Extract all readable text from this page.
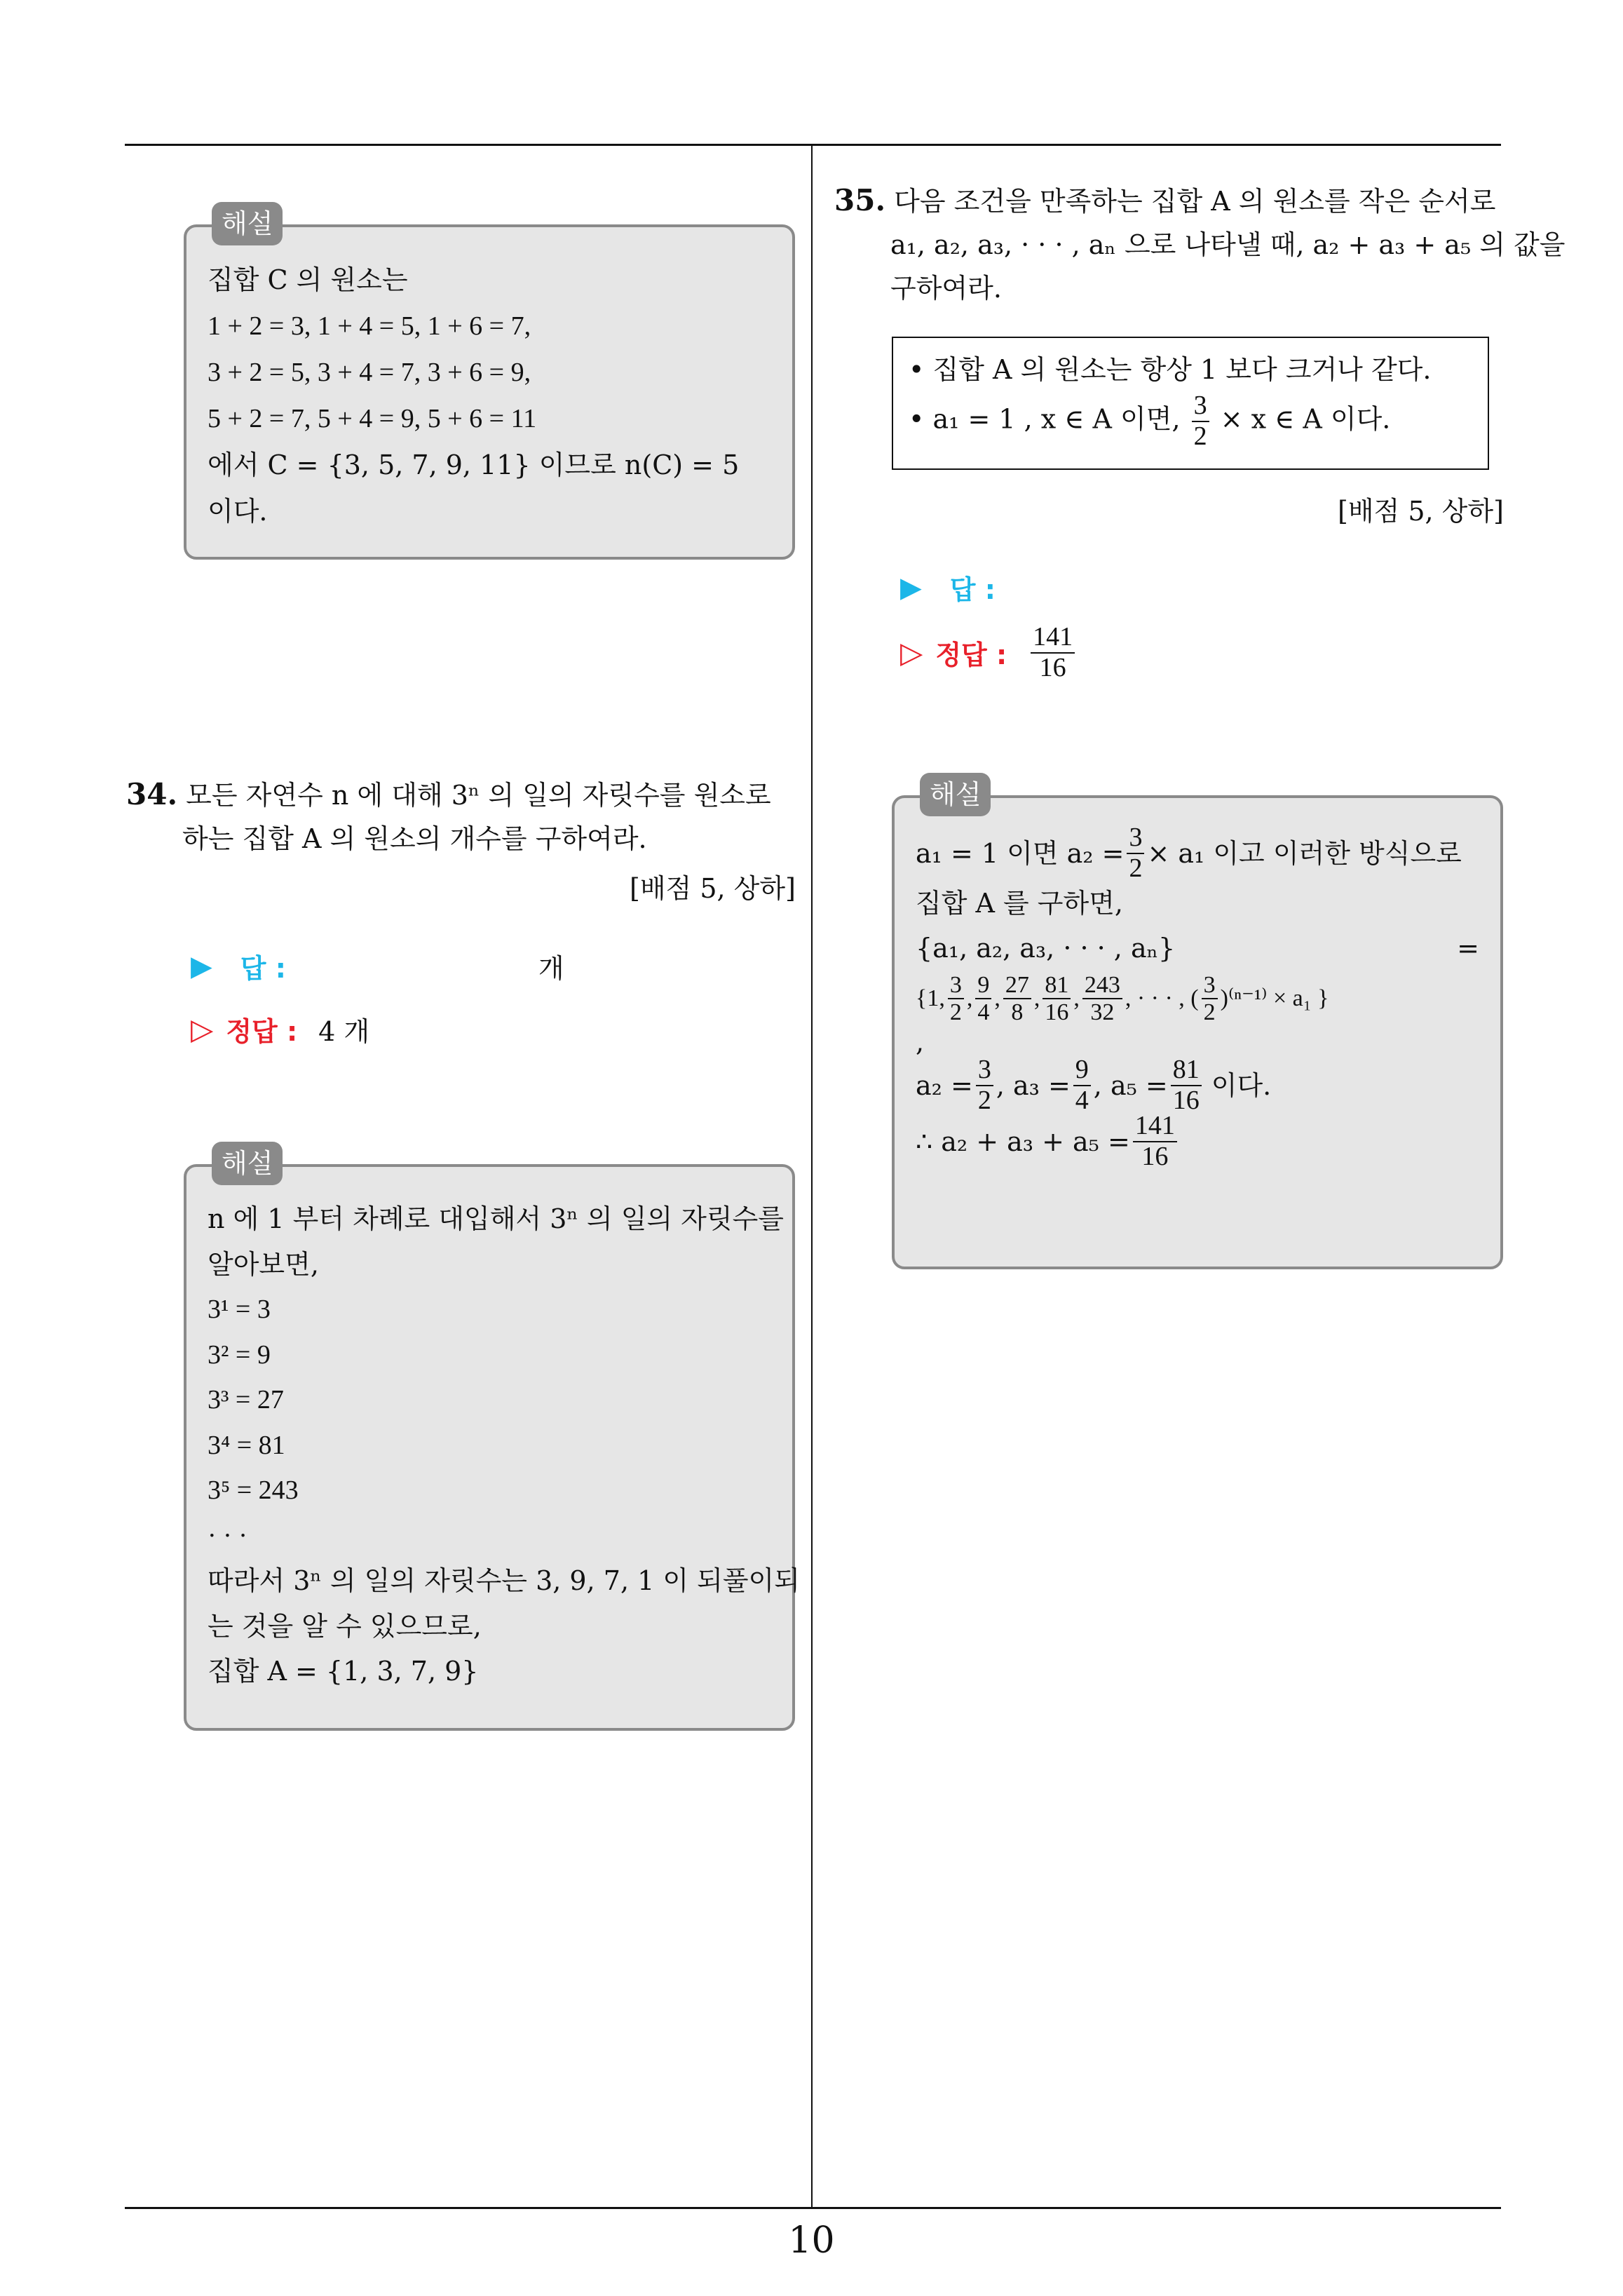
해설
집합 C 의 원소는
1 + 2 = 3, 1 + 4 = 5, 1 + 6 = 7,
3 + 2 = 5, 3 + 4 = 7, 3 + 6 = 9,
5 + 2 = 7, 5 + 4 = 9, 5 + 6 = 11
에서 C = {3, 5, 7, 9, 11} 이므로 n(C) = 5
이다.
34. 모든 자연수 n 에 대해 3ⁿ 의 일의 자릿수를 원소로
하는 집합 A 의 원소의 개수를 구하여라.
[배점 5, 상하]
▶ 답 :	개
▷ 정답 : 4 개
해설
n 에 1 부터 차례로 대입해서 3ⁿ 의 일의 자릿수를
알아보면,
3¹ = 3
3² = 9
3³ = 27
3⁴ = 81
3⁵ = 243
· · ·
따라서 3ⁿ 의 일의 자릿수는 3, 9, 7, 1 이 되풀이되
는 것을 알 수 있으므로,
집합 A = {1, 3, 7, 9}
35. 다음 조건을 만족하는 집합 A 의 원소를 작은 순서로
a₁, a₂, a₃, · · · , aₙ 으로 나타낼 때, a₂ + a₃ + a₅ 의 값을
구하여라.
• 집합 A 의 원소는 항상 1 보다 크거나 같다.
• a₁ = 1 , x ∈ A 이면, $\frac{3}{2} \times x$ ∈ A 이다.
[배점 5, 상하]
▶ 답 :
▷ 정답 : $\frac{141}{16}$
해설
a₁ = 1 이면 $a_2 = \frac{3}{2} \times a_1$ 이고 이러한 방식으로
집합 A 를 구하면,
{a₁, a₂, a₃, · · · , aₙ}	=
{1, $\frac{3}{2}$ , $\frac{9}{4}$ , $\frac{27}{8}$ , $\frac{81}{16}$ , $\frac{243}{32}$ , · · · , ( $\frac{3}{2} )^{(n-1)} \times a_1$ }
,
$a_2 = \frac{3}{2}$ , $a_3 = \frac{9}{4}$ , $a_5 = \frac{81}{16}$ 이다.
∴ $a_2 + a_3 + a_5 = \frac{141}{16}$
10
